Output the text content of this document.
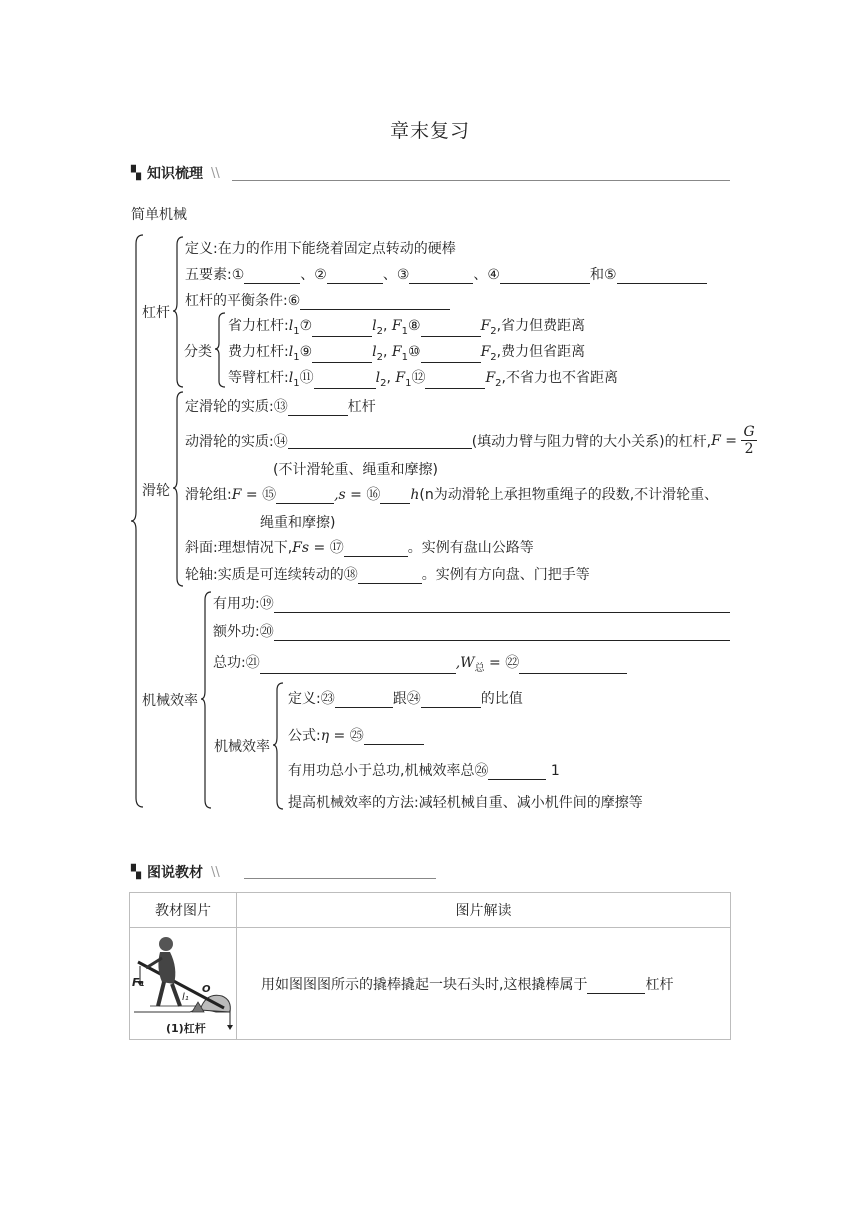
章末复习
▚ 知识梳理 \\
简单机械
杠杆
定义:在力的作用下能绕着固定点转动的硬棒
五要素:①	、②	、③	、④	和⑤
杠杆的平衡条件:⑥
分类
省力杠杆$:l_1⑦$	$l_2$, $F_1⑧$	$F_2$,省力但费距离
费力杠杆$:l_1⑨$	$l_2$, $F_1⑩$	$F_2$,费力但省距离
等臂杠杆$:l_1⑪$	$l_2$, $F_1⑫$	$F_2$,不省力也不省距离
滑轮
定滑轮的实质:⑬	杠杆
动滑轮的实质: ⑭	(填动力臂与阻力臂的大小关系)的杠杆, F =
$\frac{G}{2}$
(不计滑轮重、绳重和摩擦)
滑轮组:F = ⑮	,s = ⑯ h(n为动滑轮上承担物重绳子的段数,不计滑轮重、
绳重和摩擦)
斜面:理想情况下,Fs = ⑰	。实例有盘山公路等
轮轴:实质是可连续转动的⑱	。实例有方向盘、门把手等
机械效率
有用功:⑲
额外功:⑳
总功:㉑	$,W_总$ = ㉒
机械效率
定义:㉓	跟㉔	的比值
公式:η = ㉕
有用功总小于总功,机械效率总㉖	1
提高机械效率的方法:减轻机械自重、减小机件间的摩擦等
▚ 图说教材 \\
教材图片	图片解读

F₁
l₁
O
(1)杠杆	用如图图图所示的撬棒撬起一块石头时,这根撬棒属于 杠杆
